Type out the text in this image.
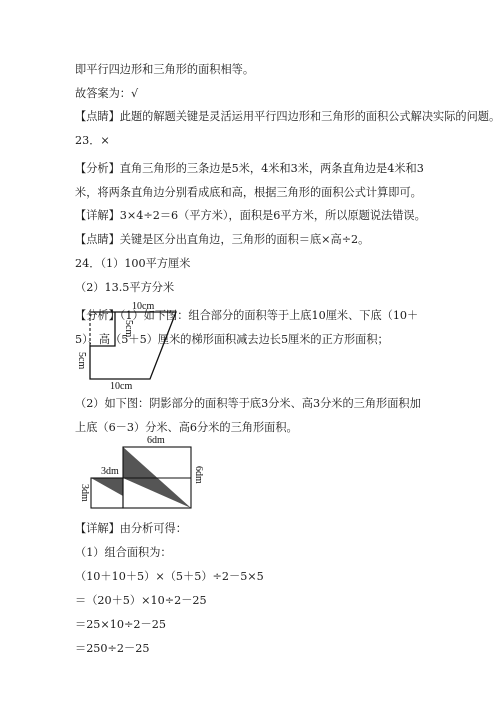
即平行四边形和三角形的面积相等。
故答案为：√
【点睛】此题的解题关键是灵活运用平行四边形和三角形的面积公式解决实际的问题。
23．×
【分析】直角三角形的三条边是5米，4米和3米，两条直角边是4米和3米，将两条直角边分别看成底和高，根据三角形的面积公式计算即可。
【详解】3×4÷2＝6（平方米），面积是6平方米，所以原题说法错误。
【点睛】关键是区分出直角边，三角形的面积＝底×高÷2。
24．（1）100平方厘米
（2）13.5平方分米
【分析】（1）如下图：组合部分的面积等于上底10厘米、下底（10＋5）、高（5＋5）厘米的梯形面积减去边长5厘米的正方形面积；
10cm
5cm
5cm
10cm
（2）如下图：阴影部分的面积等于底3分米、高3分米的三角形面积加上底（6－3）分米、高6分米的三角形面积。
6dm
3dm
3dm
6dm
【详解】由分析可得：
（1）组合面积为：
（10＋10＋5）×（5＋5）÷2－5×5
＝（20＋5）×10÷2－25
＝25×10÷2－25
＝250÷2－25
